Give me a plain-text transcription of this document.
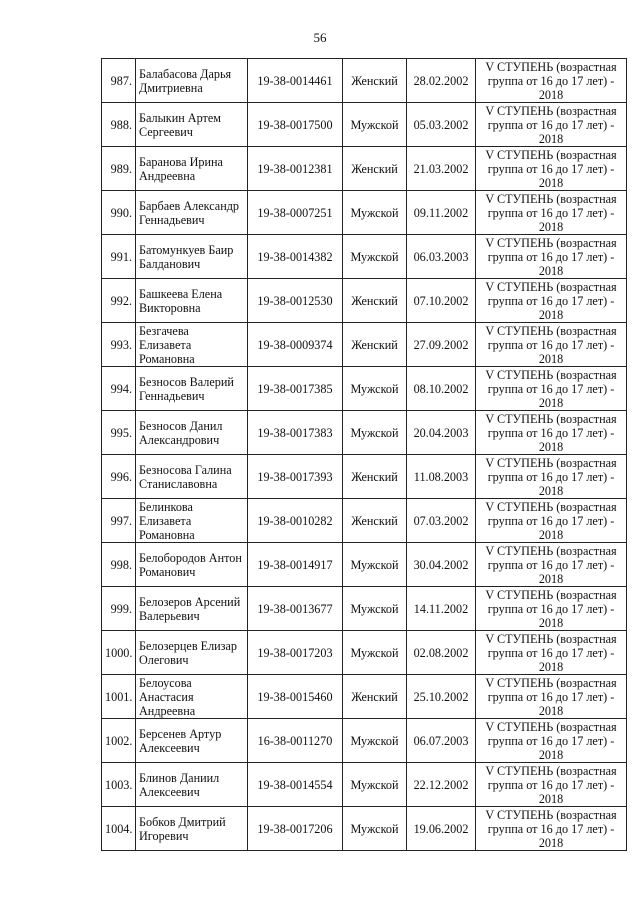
56
987.	Балабасова Дарья Дмитриевна	19-38-0014461	Женский	28.02.2002	V СТУПЕНЬ (возрастная группа от 16 до 17 лет) - 2018
988.	Балыкин Артем Сергеевич	19-38-0017500	Мужской	05.03.2002	V СТУПЕНЬ (возрастная группа от 16 до 17 лет) - 2018
989.	Баранова Ирина Андреевна	19-38-0012381	Женский	21.03.2002	V СТУПЕНЬ (возрастная группа от 16 до 17 лет) - 2018
990.	Барбаев Александр Геннадьевич	19-38-0007251	Мужской	09.11.2002	V СТУПЕНЬ (возрастная группа от 16 до 17 лет) - 2018
991.	Батомункуев Баир Балданович	19-38-0014382	Мужской	06.03.2003	V СТУПЕНЬ (возрастная группа от 16 до 17 лет) - 2018
992.	Башкеева Елена Викторовна	19-38-0012530	Женский	07.10.2002	V СТУПЕНЬ (возрастная группа от 16 до 17 лет) - 2018
993.	Безгачева Елизавета Романовна	19-38-0009374	Женский	27.09.2002	V СТУПЕНЬ (возрастная группа от 16 до 17 лет) - 2018
994.	Безносов Валерий Геннадьевич	19-38-0017385	Мужской	08.10.2002	V СТУПЕНЬ (возрастная группа от 16 до 17 лет) - 2018
995.	Безносов Данил Александрович	19-38-0017383	Мужской	20.04.2003	V СТУПЕНЬ (возрастная группа от 16 до 17 лет) - 2018
996.	Безносова Галина Станиславовна	19-38-0017393	Женский	11.08.2003	V СТУПЕНЬ (возрастная группа от 16 до 17 лет) - 2018
997.	Белинкова Елизавета Романовна	19-38-0010282	Женский	07.03.2002	V СТУПЕНЬ (возрастная группа от 16 до 17 лет) - 2018
998.	Белобородов Антон Романович	19-38-0014917	Мужской	30.04.2002	V СТУПЕНЬ (возрастная группа от 16 до 17 лет) - 2018
999.	Белозеров Арсений Валерьевич	19-38-0013677	Мужской	14.11.2002	V СТУПЕНЬ (возрастная группа от 16 до 17 лет) - 2018
1000.	Белозерцев Елизар Олегович	19-38-0017203	Мужской	02.08.2002	V СТУПЕНЬ (возрастная группа от 16 до 17 лет) - 2018
1001.	Белоусова Анастасия Андреевна	19-38-0015460	Женский	25.10.2002	V СТУПЕНЬ (возрастная группа от 16 до 17 лет) - 2018
1002.	Берсенев Артур Алексеевич	16-38-0011270	Мужской	06.07.2003	V СТУПЕНЬ (возрастная группа от 16 до 17 лет) - 2018
1003.	Блинов Даниил Алексеевич	19-38-0014554	Мужской	22.12.2002	V СТУПЕНЬ (возрастная группа от 16 до 17 лет) - 2018
1004.	Бобков Дмитрий Игоревич	19-38-0017206	Мужской	19.06.2002	V СТУПЕНЬ (возрастная группа от 16 до 17 лет) - 2018
